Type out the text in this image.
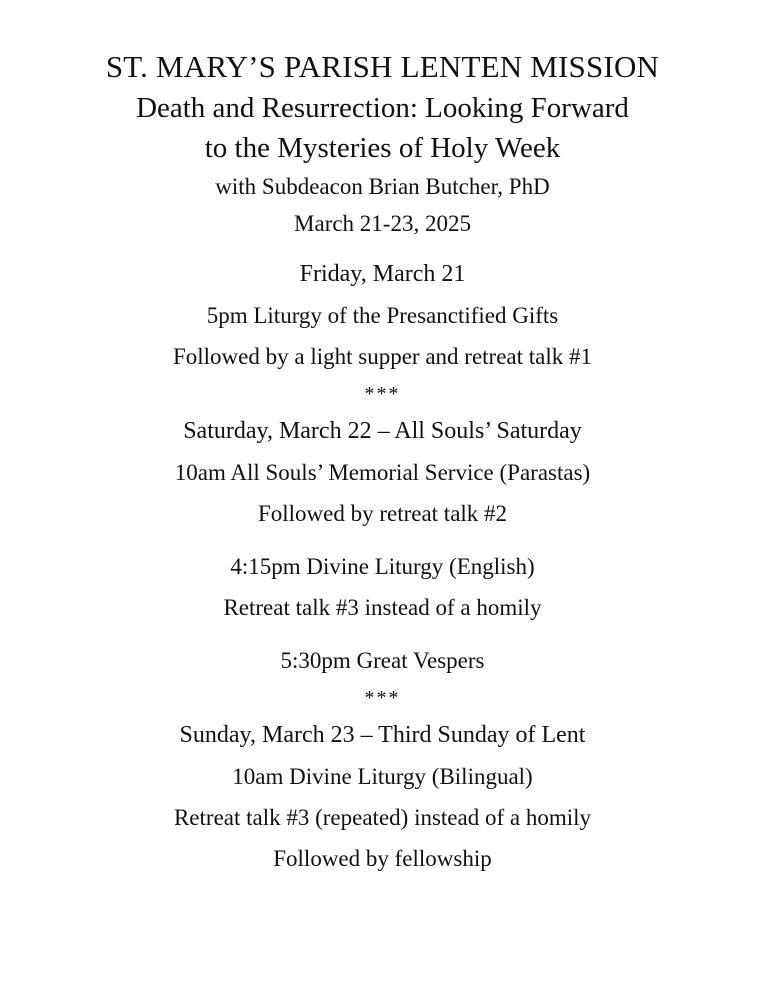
ST. MARY’S PARISH LENTEN MISSION
Death and Resurrection: Looking Forward
to the Mysteries of Holy Week
with Subdeacon Brian Butcher, PhD
March 21-23, 2025
Friday, March 21
5pm Liturgy of the Presanctified Gifts
Followed by a light supper and retreat talk #1
***
Saturday, March 22 – All Souls’ Saturday
10am All Souls’ Memorial Service (Parastas)
Followed by retreat talk #2
4:15pm Divine Liturgy (English)
Retreat talk #3 instead of a homily
5:30pm Great Vespers
***
Sunday, March 23 – Third Sunday of Lent
10am Divine Liturgy (Bilingual)
Retreat talk #3 (repeated) instead of a homily
Followed by fellowship
